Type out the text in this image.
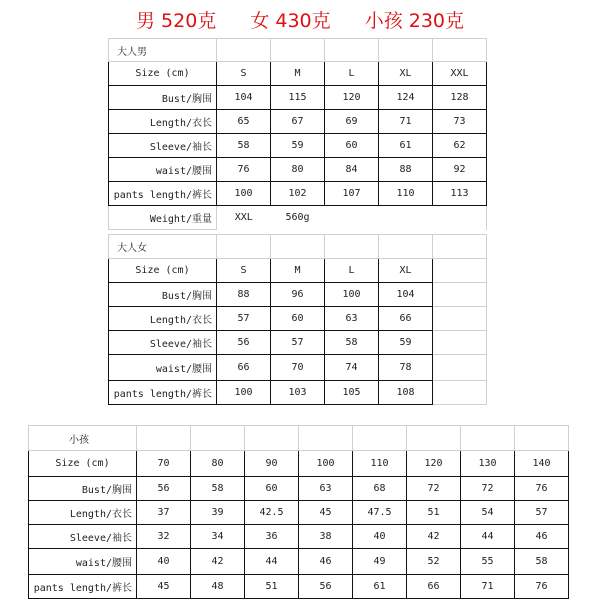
男 520克 女 430克 小孩 230克
大人男					
Size (cm)	S	M	L	XL	XXL
Bust/胸围	104	115	120	124	128
Length/衣长	65	67	69	71	73
Sleeve/袖长	58	59	60	61	62
waist/腰围	76	80	84	88	92
pants length/裤长	100	102	107	110	113
Weight/重量	XXL	560g			
大人女					
Size (cm)	S	M	L	XL	
Bust/胸围	88	96	100	104	
Length/衣长	57	60	63	66	
Sleeve/袖长	56	57	58	59	
waist/腰围	66	70	74	78	
pants length/裤长	100	103	105	108	
小孩								
Size (cm)	70	80	90	100	110	120	130	140
Bust/胸围	56	58	60	63	68	72	72	76
Length/衣长	37	39	42.5	45	47.5	51	54	57
Sleeve/袖长	32	34	36	38	40	42	44	46
waist/腰围	40	42	44	46	49	52	55	58
pants length/裤长	45	48	51	56	61	66	71	76
